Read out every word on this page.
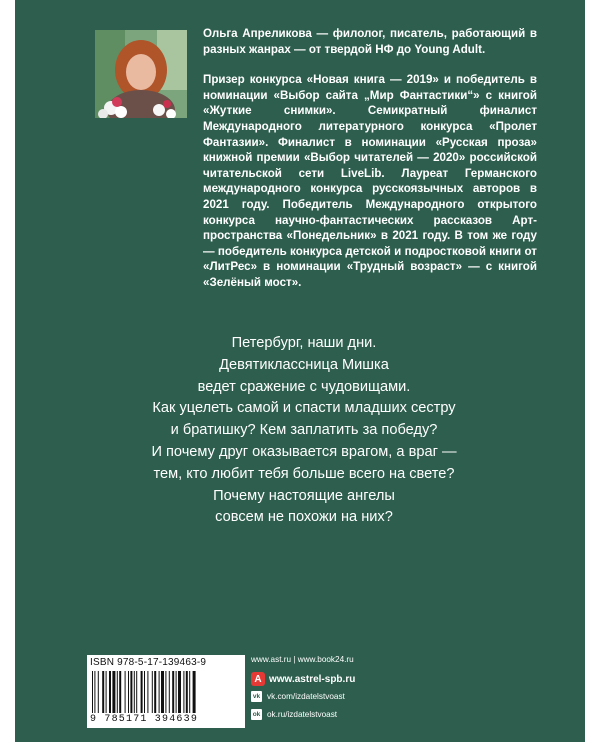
Ольга Апреликова — филолог, писатель, работающий в разных жанрах — от твердой НФ до Young Adult.

Призер конкурса «Новая книга — 2019» и победитель в номинации «Выбор сайта „Мир Фантастики“» с книгой «Жуткие снимки». Семикратный финалист Международного литературного конкурса «Пролет Фантазии». Финалист в номинации «Русская проза» книжной премии «Выбор читателей — 2020» российской читательской сети LiveLib. Лауреат Германского международного конкурса русскоязычных авторов в 2021 году. Победитель Международного открытого конкурса научно-фантастических рассказов Арт-пространства «Понедельник» в 2021 году. В том же году — победитель конкурса детской и подростковой книги от «ЛитРес» в номинации «Трудный возраст» — с книгой «Зелёный мост».

Петербург, наши дни.
Девятиклассница Мишка
ведет сражение с чудовищами.
Как уцелеть самой и спасти младших сестру
и братишку? Кем заплатить за победу?
И почему друг оказывается врагом, а враг —
тем, кто любит тебя больше всего на свете?
Почему настоящие ангелы
совсем не похожи на них?
ISBN 978-5-17-139463-9
9 785171 394639
www.ast.ru | www.book24.ru
A www.astrel-spb.ru
vk vk.com/izdatelstvoast
ok ok.ru/izdatelstvoast
